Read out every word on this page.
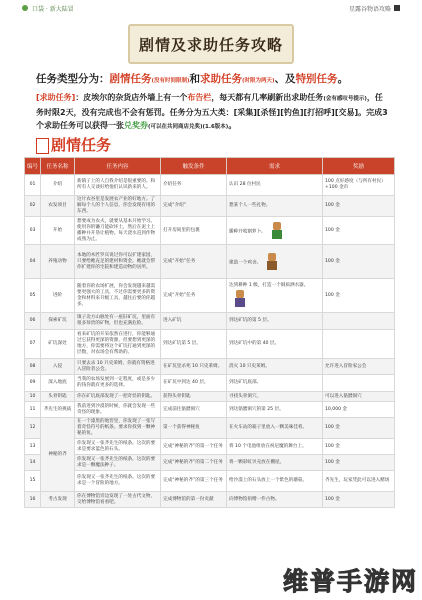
口袋 · 新大陆冒	星露谷物语攻略
剧情及求助任务攻略
任务类型分为：剧情任务(没有时间限制)和求助任务(时限为两天)、及特别任务。
[求助任务]：皮埃尔的杂货店外墙上有一个布告栏，每天都有几率刷新出求助任务(会有感叹号提示)，任务时限2天，没有完成也不会有惩罚。任务分为五大类：[采集][杀怪][钓鱼][打招呼][交易]。完成3个求助任务可以获得一张兑奖券(可以在共同商店兑奖)(1.6版本)。
剧情任务
编号	任务名称	任务内容	触发条件	需求	奖励
01	介绍	新镇子上的人自我介绍是很重要的。和所有人交谈好给他们认识新来的人。	介绍任务	认识 28 位村民	100 点好感度（与所有村民）+100 金币
02	农发项目	这片农谷里是发展农产业的好地方。了解每个人的个人信息，你会发现有用的东西。	完成“介绍”	想某个人一些礼物。	100 金
03	开始	想要成为农夫，就要从基本开始学习。使用你的镰刀能砍坏土，然后在泥土上播种并开垦让植物。每天浇水直到作物成熟为止。	打开房间里的包裹	播种并收割萝卜。	100 金
04	养殖动物	本地的木匠罗宾说过你可以扩建家园，只要给她充足的建材和资金。她就会帮你扩建你的宅院和建造动物的居所。	完成“开始”任务	建造一个鸡舍。	100 金
05	进阶	随着你的农场扩展，你会发现越来越需要更强大的工具，不过你需要更多的资金和材料来升级工具，越往后要的你越多。	完成“开始”任务	达到耕种 1 级，打造一个铜质洒水器。	100 金
06	探索矿坑	镇子北方山脉处有一座旧矿坑，里面有很多珍贵的矿物，但也充满危险。	进入矿坑	到达矿坑的第 5 层。	
07	矿坑深处	看来矿坑的开采依然在进行，你能够通过它获得更深的资源，但要想到更深的地方，你需要将这个矿坑打通到更深的层数，对农场会有帮助的。	到达矿坑第 5 层。	到达矿坑中的第 40 层。	
08	入侵	只要去杀 10 只史莱姆，你就有资格进入冒险者公会。	在矿坑里杀死 10 只史莱姆。	消灭 10 只史莱姆。	允许进入冒险家公会
09	深入地底	当我的农场发展到一定程度，或是多少的钱你就有更多的选择。	在矿坑中到达 40 层。	到达矿坑底部。	
10	头骨钥匙	你在矿坑底部发现了一把奇怪的钥匙。	获得头骨钥匙	寻找头骨洞穴。	可以进入骷髅洞穴
11	齐先生的挑战	我前进到沙漠的时候，你就会发现一些奇怪的现象。	完成前往骷髅洞穴	到达骷髅洞穴的第 25 层。	10,000 金
12	神秘的齐	在一个漆黑的地窖里，你发现了一张写着奇怪符号的纸条。要求你找到一颗神秘的鱼。	第一个获得神秘鱼	在火车站的箱子里放入一颗美味佳肴。	100 金
13		你发现又一张齐先生的纸条。这次的要求是要求蓝色的石头。	完成“神秘的齐”的第一个任务	将 10 个电池组放在祝尼魔的舞台上。	100 金
14		你发现又一张齐先生的纸条。这次的要求是一颗魔法种子。	完成“神秘的齐”的第二个任务	将一颗彩虹贝壳放在棚屋。	100 金
15		你发现又一张齐先生的纸条。这次的要求是一个冒险的地方。	完成“神秘的齐”的第三个任务	给沙漠上的石头放上一个紫色的蘑菇。	齐先生，玩家凭此可以进入赌场
16	考古发现	你在博物馆旁边发现了一处古代文物，交给博物馆看看吧。	完成博物馆的第一份贡献	向博物馆捐赠一件古物。	100 金
维普手游网
